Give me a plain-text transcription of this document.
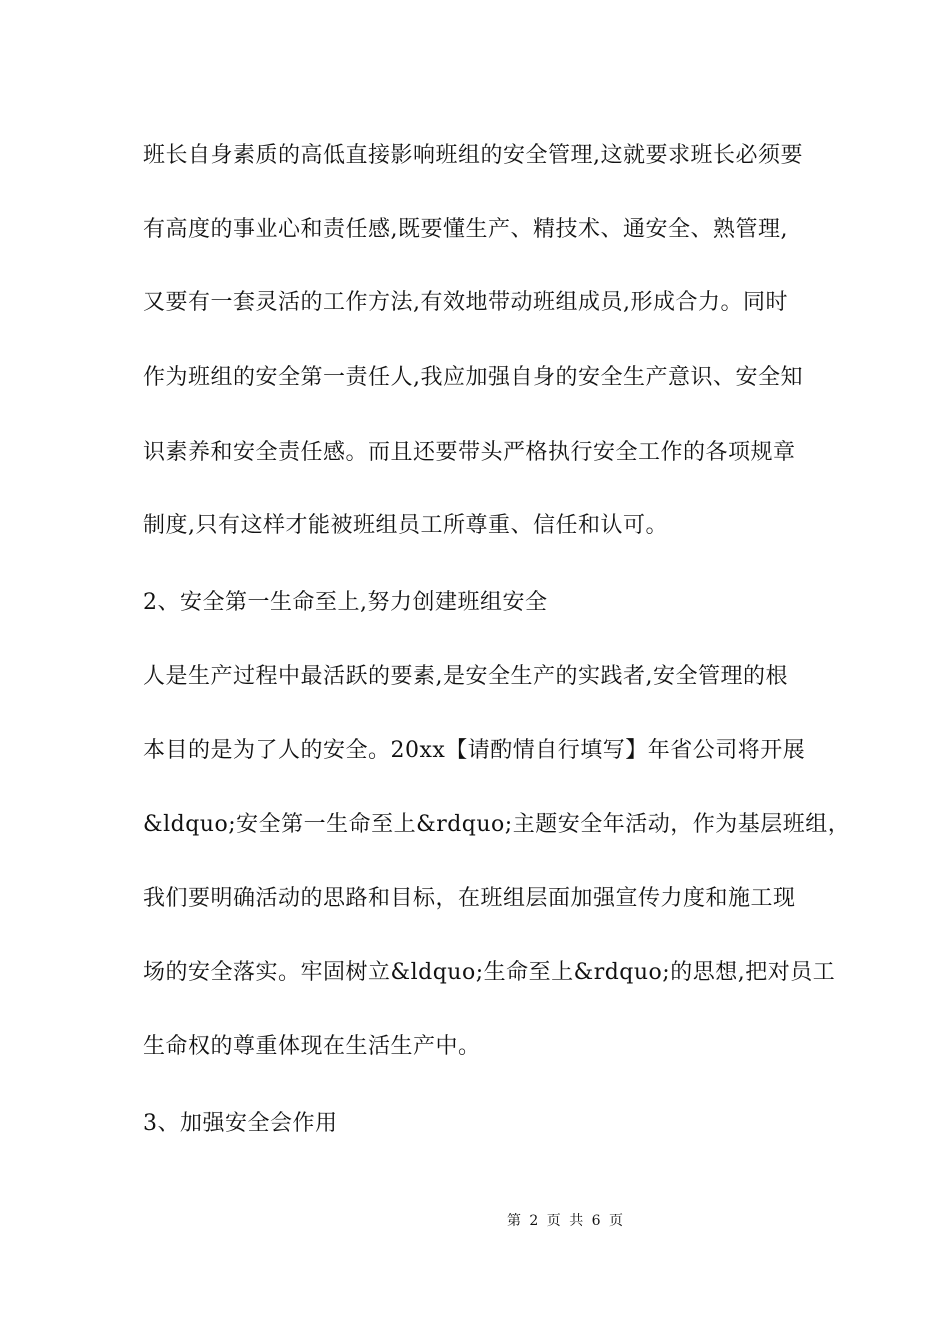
班长自身素质的高低直接影响班组的安全管理,这就要求班长必须要
有高度的事业心和责任感,既要懂生产、精技术、通安全、熟管理,
又要有一套灵活的工作方法,有效地带动班组成员,形成合力。同时
作为班组的安全第一责任人,我应加强自身的安全生产意识、安全知
识素养和安全责任感。而且还要带头严格执行安全工作的各项规章
制度,只有这样才能被班组员工所尊重、信任和认可。
2、安全第一生命至上,努力创建班组安全
人是生产过程中最活跃的要素,是安全生产的实践者,安全管理的根
本目的是为了人的安全。20xx【请酌情自行填写】年省公司将开展
&ldquo;安全第一生命至上&rdquo;主题安全年活动，作为基层班组，
我们要明确活动的思路和目标，在班组层面加强宣传力度和施工现
场的安全落实。牢固树立&ldquo;生命至上&rdquo;的思想,把对员工
生命权的尊重体现在生活生产中。
3、加强安全会作用
第 2 页 共 6 页
